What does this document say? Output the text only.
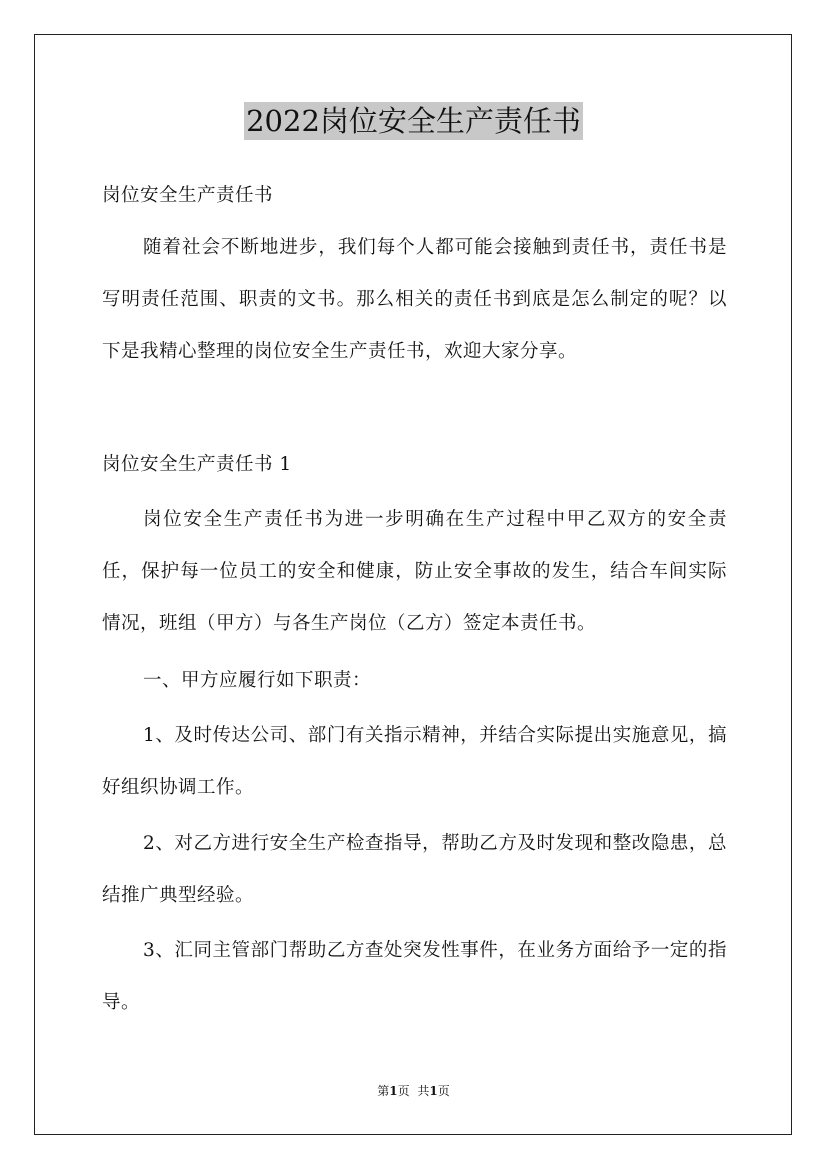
2022岗位安全生产责任书

岗位安全生产责任书

随着社会不断地进步，我们每个人都可能会接触到责任书，责任书是写明责任范围、职责的文书。那么相关的责任书到底是怎么制定的呢？以下是我精心整理的岗位安全生产责任书，欢迎大家分享。

岗位安全生产责任书 1

岗位安全生产责任书为进一步明确在生产过程中甲乙双方的安全责任，保护每一位员工的安全和健康，防止安全事故的发生，结合车间实际情况，班组（甲方）与各生产岗位（乙方）签定本责任书。

一、甲方应履行如下职责：

1、及时传达公司、部门有关指示精神，并结合实际提出实施意见，搞好组织协调工作。

2、对乙方进行安全生产检查指导，帮助乙方及时发现和整改隐患，总结推广典型经验。

3、汇同主管部门帮助乙方查处突发性事件，在业务方面给予一定的指导。

第1页 共1页
